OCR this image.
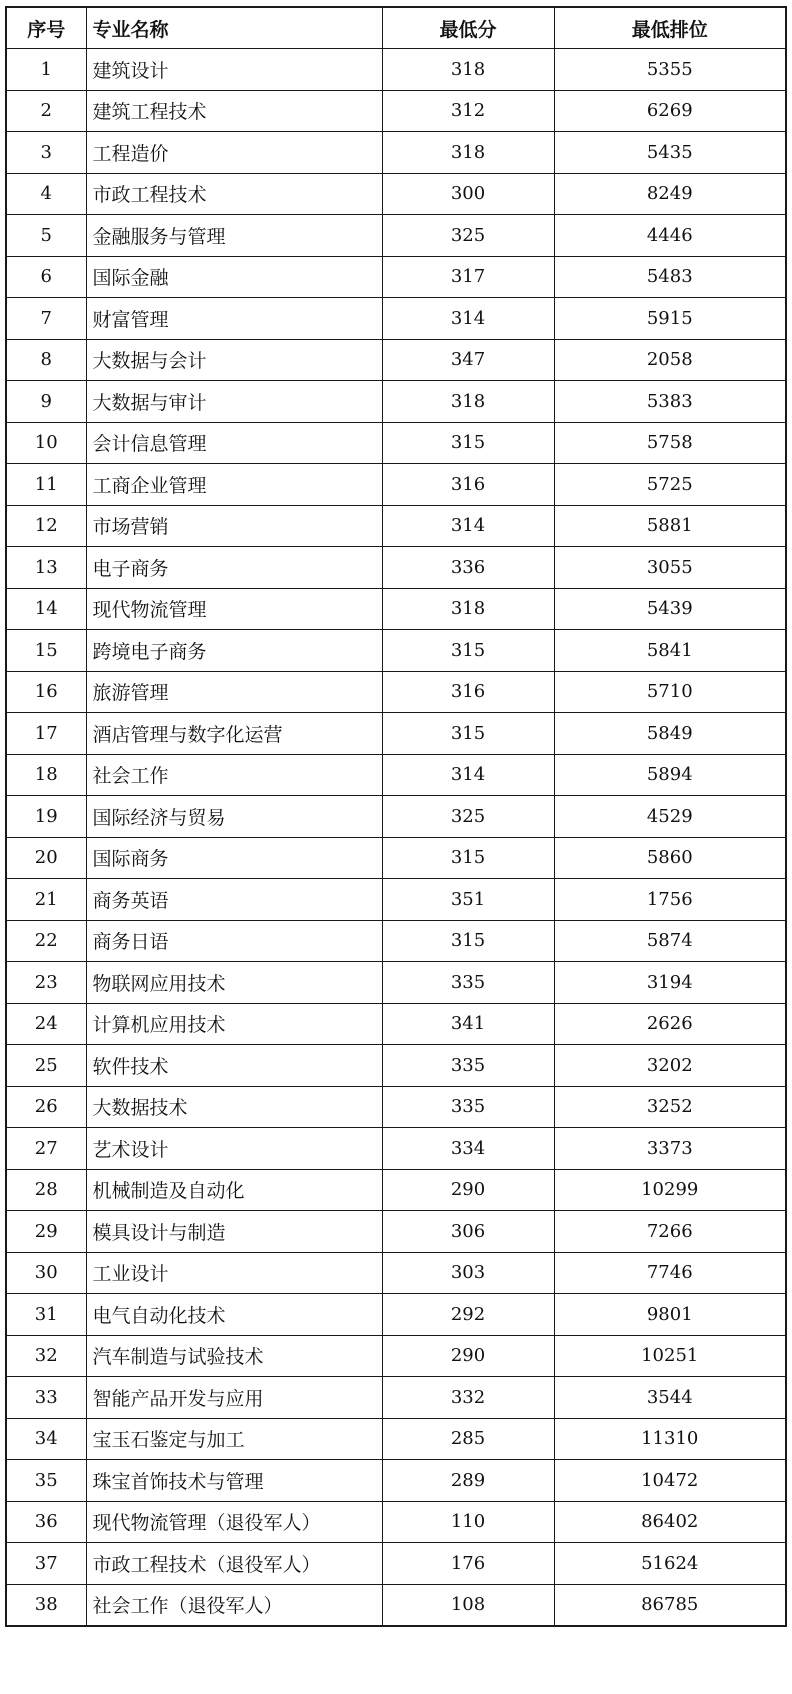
序号	专业名称	最低分	最低排位
1	建筑设计	318	5355
2	建筑工程技术	312	6269
3	工程造价	318	5435
4	市政工程技术	300	8249
5	金融服务与管理	325	4446
6	国际金融	317	5483
7	财富管理	314	5915
8	大数据与会计	347	2058
9	大数据与审计	318	5383
10	会计信息管理	315	5758
11	工商企业管理	316	5725
12	市场营销	314	5881
13	电子商务	336	3055
14	现代物流管理	318	5439
15	跨境电子商务	315	5841
16	旅游管理	316	5710
17	酒店管理与数字化运营	315	5849
18	社会工作	314	5894
19	国际经济与贸易	325	4529
20	国际商务	315	5860
21	商务英语	351	1756
22	商务日语	315	5874
23	物联网应用技术	335	3194
24	计算机应用技术	341	2626
25	软件技术	335	3202
26	大数据技术	335	3252
27	艺术设计	334	3373
28	机械制造及自动化	290	10299
29	模具设计与制造	306	7266
30	工业设计	303	7746
31	电气自动化技术	292	9801
32	汽车制造与试验技术	290	10251
33	智能产品开发与应用	332	3544
34	宝玉石鉴定与加工	285	11310
35	珠宝首饰技术与管理	289	10472
36	现代物流管理（退役军人）	110	86402
37	市政工程技术（退役军人）	176	51624
38	社会工作（退役军人）	108	86785
